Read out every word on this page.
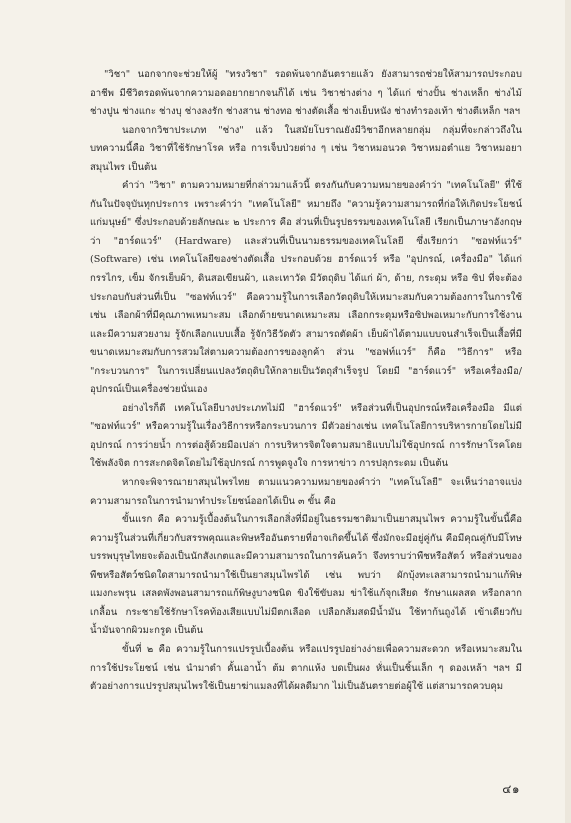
"วิชา" นอกจากจะช่วยให้ผู้ "ทรงวิชา" รอดพ้นจากอันตรายแล้ว ยังสามารถช่วยให้สามารถประกอบอาชีพ มีชีวิตรอดพ้นจากความอดอยากยากจนก็ได้ เช่น วิชาช่างต่าง ๆ ได้แก่ ช่างปั้น ช่างเหล็ก ช่างไม้ ช่างปูน ช่างแกะ ช่างบุ ช่างลงรัก ช่างสาน ช่างทอ ช่างตัดเสื้อ ช่างเย็บหนัง ช่างทำรองเท้า ช่างตีเหล็ก ฯลฯ

นอกจากวิชาประเภท "ช่าง" แล้ว ในสมัยโบราณยังมีวิชาอีกหลายกลุ่ม กลุ่มที่จะกล่าวถึงในบทความนี้คือ วิชาที่ใช้รักษาโรค หรือ การเจ็บป่วยต่าง ๆ เช่น วิชาหมอนวด วิชาหมอตำแย วิชาหมอยาสมุนไพร เป็นต้น

คำว่า "วิชา" ตามความหมายที่กล่าวมาแล้วนี้ ตรงกันกับความหมายของคำว่า "เทคโนโลยี" ที่ใช้กันในปัจจุบันทุกประการ เพราะคำว่า "เทคโนโลยี" หมายถึง "ความรู้ความสามารถที่ก่อให้เกิดประโยชน์แก่มนุษย์" ซึ่งประกอบด้วยลักษณะ ๒ ประการ คือ ส่วนที่เป็นรูปธรรมของเทคโนโลยี เรียกเป็นภาษาอังกฤษว่า "ฮาร์ดแวร์" (Hardware) และส่วนที่เป็นนามธรรมของเทคโนโลยี ซึ่งเรียกว่า "ซอฟท์แวร์" (Software) เช่น เทคโนโลยีของช่างตัดเสื้อ ประกอบด้วย ฮาร์ดแวร์ หรือ "อุปกรณ์, เครื่องมือ" ได้แก่ กรรไกร, เข็ม จักรเย็บผ้า, ดินสอเขียนผ้า, และเทาวัด มีวัตถุดิบ ได้แก่ ผ้า, ด้าย, กระดุม หรือ ซิป ที่จะต้องประกอบกับส่วนที่เป็น "ซอฟท์แวร์" คือความรู้ในการเลือกวัตถุดิบให้เหมาะสมกับความต้องการในการใช้ เช่น เลือกผ้าที่มีคุณภาพเหมาะสม เลือกด้ายขนาดเหมาะสม เลือกกระดุมหรือซิปพอเหมาะกับการใช้งาน และมีความสวยงาม รู้จักเลือกแบบเสื้อ รู้จักวิธีวัดตัว สามารถตัดผ้า เย็บผ้าได้ตามแบบจนสำเร็จเป็นเสื้อที่มีขนาดเหมาะสมกับการสวมใส่ตามความต้องการของลูกค้า ส่วน "ซอฟท์แวร์" ก็คือ "วิธีการ" หรือ "กระบวนการ" ในการเปลี่ยนแปลงวัตถุดิบให้กลายเป็นวัตถุสำเร็จรูป โดยมี "ฮาร์ดแวร์" หรือเครื่องมือ/อุปกรณ์เป็นเครื่องช่วยนั่นเอง

อย่างไรก็ดี เทคโนโลยีบางประเภทไม่มี "ฮาร์ดแวร์" หรือส่วนที่เป็นอุปกรณ์หรือเครื่องมือ มีแต่ "ซอฟท์แวร์" หรือความรู้ในเรื่องวิธีการหรือกระบวนการ มีตัวอย่างเช่น เทคโนโลยีการบริหารกายโดยไม่มีอุปกรณ์ การว่ายน้ำ การต่อสู้ด้วยมือเปล่า การบริหารจิตใจตามสมาธิแบบไม่ใช้อุปกรณ์ การรักษาโรคโดยใช้พลังจิต การสะกดจิตโดยไม่ใช้อุปกรณ์ การพูดจูงใจ การหาข่าว การปลุกระดม เป็นต้น

หากจะพิจารณายาสมุนไพรไทย ตามแนวความหมายของคำว่า "เทคโนโลยี" จะเห็นว่าอาจแบ่งความสามารถในการนำมาทำประโยชน์ออกได้เป็น ๓ ขั้น คือ

ขั้นแรก คือ ความรู้เบื้องต้นในการเลือกสิ่งที่มีอยู่ในธรรมชาติมาเป็นยาสมุนไพร ความรู้ในขั้นนี้คือความรู้ในส่วนที่เกี่ยวกับสรรพคุณและพิษหรืออันตรายที่อาจเกิดขึ้นได้ ซึ่งมักจะมีอยู่คู่กัน คือมีคุณคู่กับมีโทษ บรรพบุรุษไทยจะต้องเป็นนักสังเกตและมีความสามารถในการค้นคว้า จึงทราบว่าพืชหรือสัตว์ หรือส่วนของพืชหรือสัตว์ชนิดใดสามารถนำมาใช้เป็นยาสมุนไพรได้ เช่น พบว่า ผักบุ้งทะเลสามารถนำมาแก้พิษแมงกะพรุน เสลดพังพอนสามารถแก้พิษงูบางชนิด ขิงใช้ขับลม ข่าใช้แก้จุกเสียด รักษาแผลสด หรือกลากเกลื้อน กระชายใช้รักษาโรคท้องเสียแบบไม่มีตกเลือด เปลือกส้มสดมีน้ำมัน ใช้ทาก้นถูงได้ เข้าเดียวกับน้ำมันจากผิวมะกรูด เป็นต้น

ขั้นที่ ๒ คือ ความรู้ในการแปรรูปเบื้องต้น หรือแปรรูปอย่างง่ายเพื่อความสะดวก หรือเหมาะสมในการใช้ประโยชน์ เช่น นำมาตำ คั้นเอาน้ำ ต้ม ตากแห้ง บดเป็นผง หั่นเป็นชิ้นเล็ก ๆ ดองเหล้า ฯลฯ มีตัวอย่างการแปรรูปสมุนไพรใช้เป็นยาฆ่าแมลงที่ได้ผลดีมาก ไม่เป็นอันตรายต่อผู้ใช้ แต่สามารถควบคุม

๔๑
